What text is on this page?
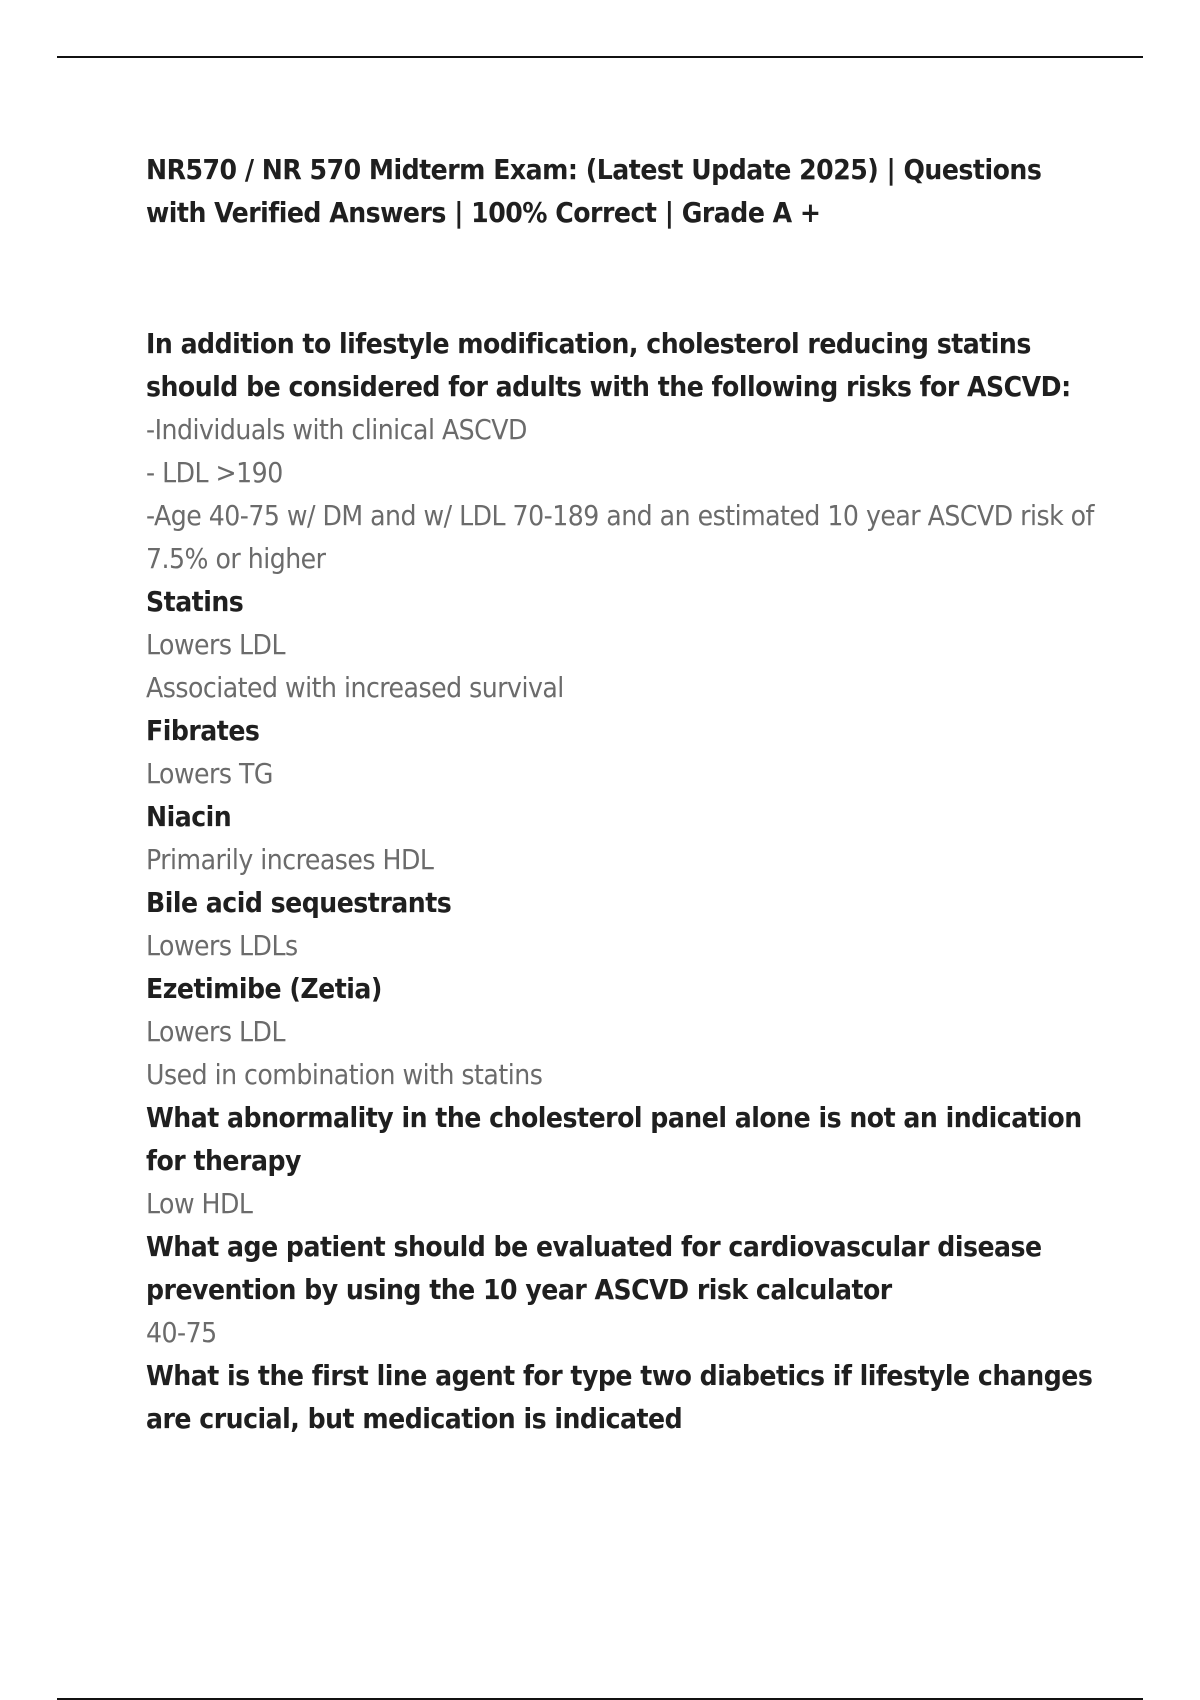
NR570 / NR 570 Midterm Exam: (Latest Update 2025) | Questions with Verified Answers | 100% Correct | Grade A +
In addition to lifestyle modification, cholesterol reducing statins should be considered for adults with the following risks for ASCVD:
-Individuals with clinical ASCVD
- LDL >190
-Age 40-75 w/ DM and w/ LDL 70-189 and an estimated 10 year ASCVD risk of 7.5% or higher
Statins
Lowers LDL
Associated with increased survival
Fibrates
Lowers TG
Niacin
Primarily increases HDL
Bile acid sequestrants
Lowers LDLs
Ezetimibe (Zetia)
Lowers LDL
Used in combination with statins
What abnormality in the cholesterol panel alone is not an indication for therapy
Low HDL
What age patient should be evaluated for cardiovascular disease prevention by using the 10 year ASCVD risk calculator
40-75
What is the first line agent for type two diabetics if lifestyle changes are crucial, but medication is indicated
